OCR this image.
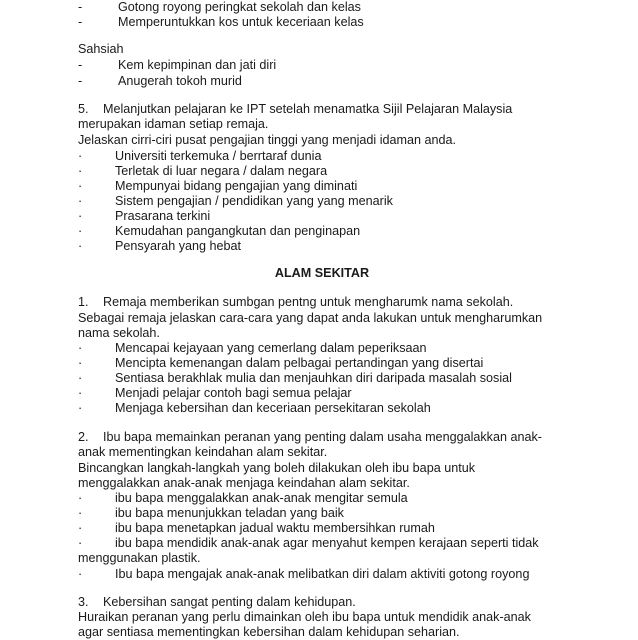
-	Gotong royong peringkat sekolah dan kelas
-	Memperuntukkan kos untuk keceriaan kelas
Sahsiah
-	Kem kepimpinan dan jati diri
-	Anugerah tokoh murid
5. Melanjutkan pelajaran ke IPT setelah menamatka Sijil Pelajaran Malaysia
merupakan idaman setiap remaja.
Jelaskan cirri-ciri pusat pengajian tinggi yang menjadi idaman anda.
·	Universiti terkemuka / berrtaraf dunia
·	Terletak di luar negara / dalam negara
·	Mempunyai bidang pengajian yang diminati
·	Sistem pengajian / pendidikan yang yang menarik
·	Prasarana terkini
·	Kemudahan pangangkutan dan penginapan
·	Pensyarah yang hebat
ALAM SEKITAR
1. Remaja memberikan sumbgan pentng untuk mengharumk nama sekolah.
Sebagai remaja jelaskan cara-cara yang dapat anda lakukan untuk mengharumkan
nama sekolah.
·	Mencapai kejayaan yang cemerlang dalam peperiksaan
·	Mencipta kemenangan dalam pelbagai pertandingan yang disertai
·	Sentiasa berakhlak mulia dan menjauhkan diri daripada masalah sosial
·	Menjadi pelajar contoh bagi semua pelajar
·	Menjaga kebersihan dan keceriaan persekitaran sekolah
2. Ibu bapa memainkan peranan yang penting dalam usaha menggalakkan anak-
anak mementingkan keindahan alam sekitar.
Bincangkan langkah-langkah yang boleh dilakukan oleh ibu bapa untuk
menggalakkan anak-anak menjaga keindahan alam sekitar.
·	ibu bapa menggalakkan anak-anak mengitar semula
·	ibu bapa menunjukkan teladan yang baik
·	ibu bapa menetapkan jadual waktu membersihkan rumah
·	ibu bapa mendidik anak-anak agar menyahut kempen kerajaan seperti tidak
menggunakan plastik.
·	Ibu bapa mengajak anak-anak melibatkan diri dalam aktiviti gotong royong
3. Kebersihan sangat penting dalam kehidupan.
Huraikan peranan yang perlu dimainkan oleh ibu bapa untuk mendidik anak-anak
agar sentiasa mementingkan kebersihan dalam kehidupan seharian.
